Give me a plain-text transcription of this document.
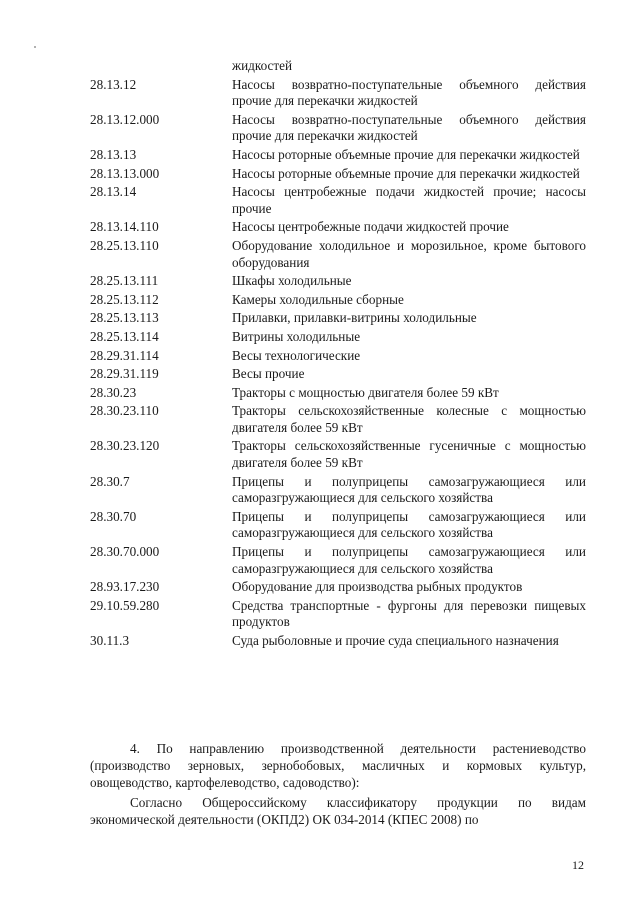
	жидкостей
28.13.12	Насосы возвратно-поступательные объемного действия прочие для перекачки жидкостей
28.13.12.000	Насосы возвратно-поступательные объемного действия прочие для перекачки жидкостей
28.13.13	Насосы роторные объемные прочие для перекачки жидкостей
28.13.13.000	Насосы роторные объемные прочие для перекачки жидкостей
28.13.14	Насосы центробежные подачи жидкостей прочие; насосы прочие
28.13.14.110	Насосы центробежные подачи жидкостей прочие
28.25.13.110	Оборудование холодильное и морозильное, кроме бытового оборудования
28.25.13.111	Шкафы холодильные
28.25.13.112	Камеры холодильные сборные
28.25.13.113	Прилавки, прилавки-витрины холодильные
28.25.13.114	Витрины холодильные
28.29.31.114	Весы технологические
28.29.31.119	Весы прочие
28.30.23	Тракторы с мощностью двигателя более 59 кВт
28.30.23.110	Тракторы сельскохозяйственные колесные с мощностью двигателя более 59 кВт
28.30.23.120	Тракторы сельскохозяйственные гусеничные с мощностью двигателя более 59 кВт
28.30.7	Прицепы и полуприцепы самозагружающиеся или саморазгружающиеся для сельского хозяйства
28.30.70	Прицепы и полуприцепы самозагружающиеся или саморазгружающиеся для сельского хозяйства
28.30.70.000	Прицепы и полуприцепы самозагружающиеся или саморазгружающиеся для сельского хозяйства
28.93.17.230	Оборудование для производства рыбных продуктов
29.10.59.280	Средства транспортные - фургоны для перевозки пищевых продуктов
30.11.3	Суда рыболовные и прочие суда специального назначения

4. По направлению производственной деятельности растениеводство (производство зерновых, зернобобовых, масличных и кормовых культур, овощеводство, картофелеводство, садоводство):

Согласно Общероссийскому классификатору продукции по видам экономической деятельности (ОКПД2) ОК 034-2014 (КПЕС 2008) по

12
